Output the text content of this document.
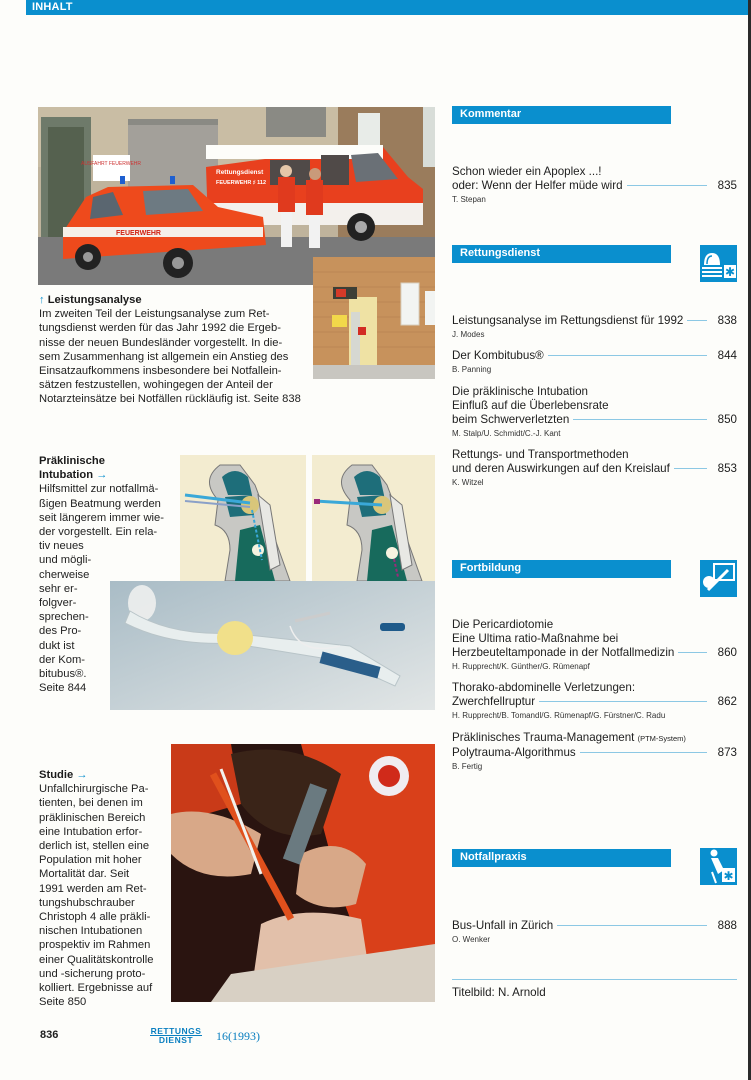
INHALT
AUSFAHRT FEUERWEHR
Rettungsdienst
FEUERWEHR ♯ 112
FEUERWEHR
↑ Leistungsanalyse
Im zweiten Teil der Leistungsanalyse zum Ret-
tungsdienst werden für das Jahr 1992 die Ergeb-
nisse der neuen Bundesländer vorgestellt. In die-
sem Zusammenhang ist allgemein ein Anstieg des
Einsatzaufkommens insbesondere bei Notfallein-
sätzen festzustellen, wohingegen der Anteil der
Notarzteinsätze bei Notfällen rückläufig ist. Seite 838
Präklinische
Intubation →
Hilfsmittel zur notfallmä-
ßigen Beatmung werden
seit längerem immer wie-
der vorgestellt. Ein rela-
tiv neues
und mögli-
cherweise
sehr er-
folgver-
sprechen-
des Pro-
dukt ist
der Kom-
bitubus®.
Seite 844
Studie →
Unfallchirurgische Pa-
tienten, bei denen im
präklinischen Bereich
eine Intubation erfor-
derlich ist, stellen eine
Population mit hoher
Mortalität dar. Seit
1991 werden am Ret-
tungshubschrauber
Christoph 4 alle präkli-
nischen Intubationen
prospektiv im Rahmen
einer Qualitätskontrolle
und -sicherung proto-
kolliert. Ergebnisse auf
Seite 850
Kommentar
Schon wieder ein Apoplex ...!
oder: Wenn der Helfer müde wird	835
T. Stepan
Rettungsdienst
✱
Leistungsanalyse im Rettungsdienst für 1992	838
J. Modes
Der Kombitubus®	844
B. Panning
Die präklinische Intubation
Einfluß auf die Überlebensrate
beim Schwerverletzten	850
M. Stalp/U. Schmidt/C.-J. Kant
Rettungs- und Transportmethoden
und deren Auswirkungen auf den Kreislauf	853
K. Witzel
Fortbildung
Die Pericardiotomie
Eine Ultima ratio-Maßnahme bei
Herzbeuteltamponade in der Notfallmedizin	860
H. Rupprecht/K. Günther/G. Rümenapf
Thorako-abdominelle Verletzungen:
Zwerchfellruptur	862
H. Rupprecht/B. Tomandl/G. Rümenapf/G. Fürstner/C. Radu
Präklinisches Trauma-Management (PTM-System)
Polytrauma-Algorithmus	873
B. Fertig
Notfallpraxis
✱
Bus-Unfall in Zürich	888
O. Wenker
Titelbild: N. Arnold
836	RETTUNGS
DIENST	16(1993)
